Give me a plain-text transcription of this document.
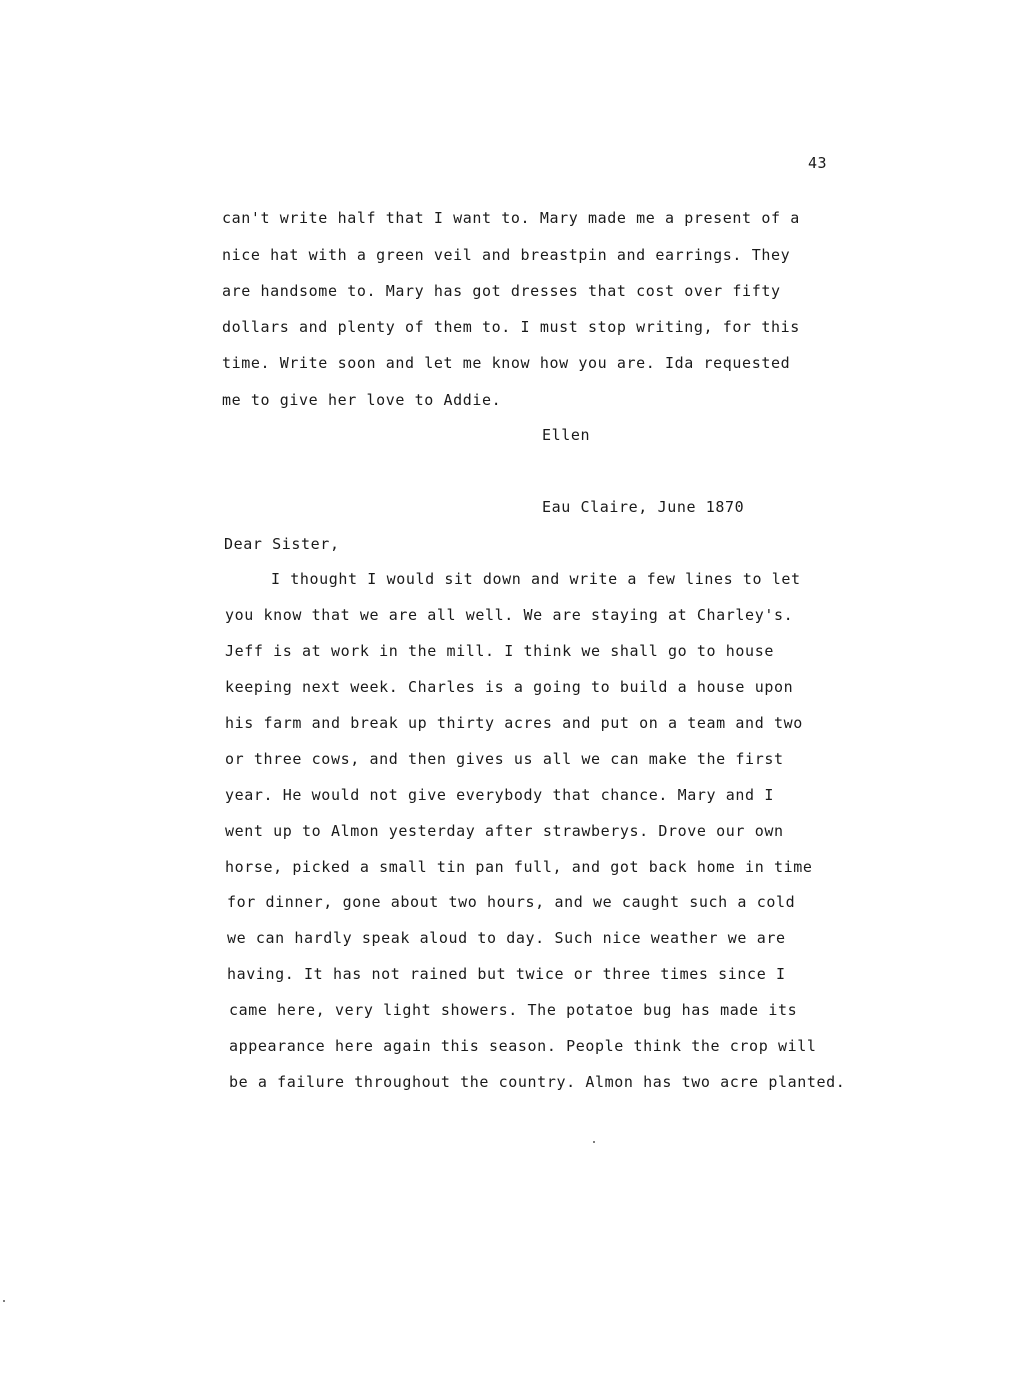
43
can't write half that I want to. Mary made me a present of a
nice hat with a green veil and breastpin and earrings. They
are handsome to. Mary has got dresses that cost over fifty
dollars and plenty of them to. I must stop writing, for this
time. Write soon and let me know how you are. Ida requested
me to give her love to Addie.
Ellen
Eau Claire, June 1870
Dear Sister,
I thought I would sit down and write a few lines to let
you know that we are all well. We are staying at Charley's.
Jeff is at work in the mill. I think we shall go to house
keeping next week. Charles is a going to build a house upon
his farm and break up thirty acres and put on a team and two
or three cows, and then gives us all we can make the first
year. He would not give everybody that chance. Mary and I
went up to Almon yesterday after strawberys. Drove our own
horse, picked a small tin pan full, and got back home in time
for dinner, gone about two hours, and we caught such a cold
we can hardly speak aloud to day. Such nice weather we are
having. It has not rained but twice or three times since I
came here, very light showers. The potatoe bug has made its
appearance here again this season. People think the crop will
be a failure throughout the country. Almon has two acre planted.
